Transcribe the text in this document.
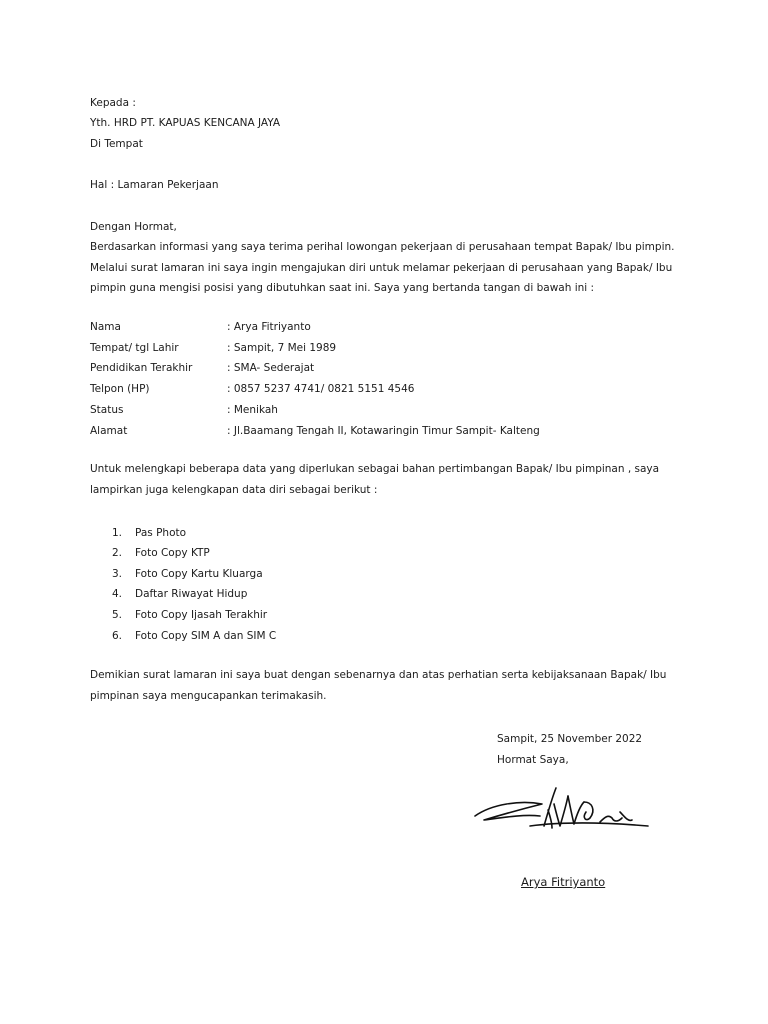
Kepada :
Yth. HRD PT. KAPUAS KENCANA JAYA
Di Tempat
Hal : Lamaran Pekerjaan
Dengan Hormat,
Berdasarkan informasi yang saya terima perihal lowongan pekerjaan di perusahaan tempat Bapak/ Ibu pimpin. Melalui surat lamaran ini saya ingin mengajukan diri untuk melamar pekerjaan di perusahaan yang Bapak/ Ibu pimpin guna mengisi posisi yang dibutuhkan saat ini. Saya yang bertanda tangan di bawah ini :
Nama	: Arya Fitriyanto
Tempat/ tgl Lahir	: Sampit, 7 Mei 1989
Pendidikan Terakhir	: SMA- Sederajat
Telpon (HP)	: 0857 5237 4741/ 0821 5151 4546
Status	: Menikah
Alamat	: Jl.Baamang Tengah II, Kotawaringin Timur Sampit- Kalteng
Untuk melengkapi beberapa data yang diperlukan sebagai bahan pertimbangan Bapak/ Ibu pimpinan , saya lampirkan juga kelengkapan data diri sebagai berikut :
1. Pas Photo
2. Foto Copy KTP
3. Foto Copy Kartu Kluarga
4. Daftar Riwayat Hidup
5. Foto Copy Ijasah Terakhir
6. Foto Copy SIM A dan SIM C
Demikian surat lamaran ini saya buat dengan sebenarnya dan atas perhatian serta kebijaksanaan Bapak/ Ibu pimpinan saya mengucapankan terimakasih.
Sampit, 25 November 2022
Hormat Saya,
Arya Fitriyanto
